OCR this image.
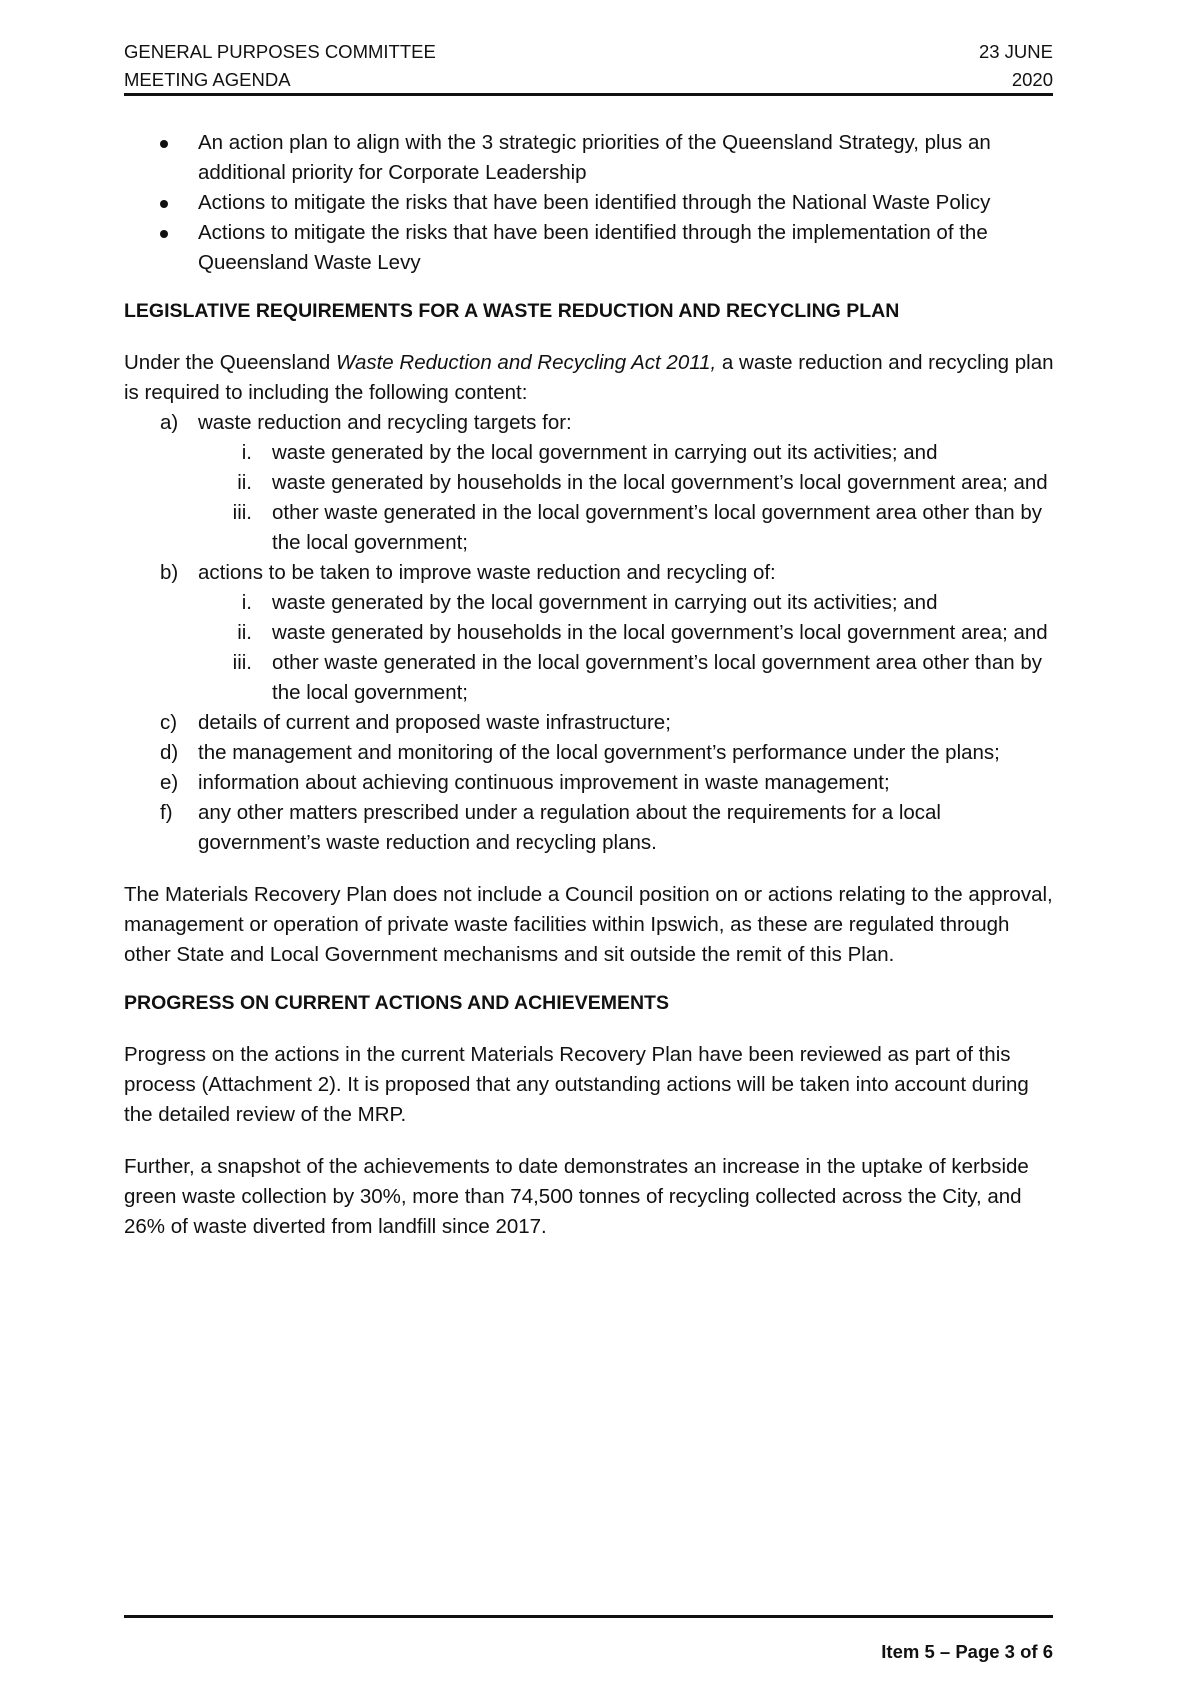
GENERAL PURPOSES COMMITTEE
MEETING AGENDA
23 JUNE
2020
An action plan to align with the 3 strategic priorities of the Queensland Strategy, plus an additional priority for Corporate Leadership
Actions to mitigate the risks that have been identified through the National Waste Policy
Actions to mitigate the risks that have been identified through the implementation of the Queensland Waste Levy
LEGISLATIVE REQUIREMENTS FOR A WASTE REDUCTION AND RECYCLING PLAN

Under the Queensland Waste Reduction and Recycling Act 2011, a waste reduction and recycling plan is required to including the following content:

a) waste reduction and recycling targets for:
i. waste generated by the local government in carrying out its activities; and
ii. waste generated by households in the local government’s local government area; and
iii. other waste generated in the local government’s local government area other than by the local government;
b) actions to be taken to improve waste reduction and recycling of:
i. waste generated by the local government in carrying out its activities; and
ii. waste generated by households in the local government’s local government area; and
iii. other waste generated in the local government’s local government area other than by the local government;
c)	details of current and proposed waste infrastructure;
d) the management and monitoring of the local government’s performance under the plans;
e) information about achieving continuous improvement in waste management;
f)	any other matters prescribed under a regulation about the requirements for a local government’s waste reduction and recycling plans.

The Materials Recovery Plan does not include a Council position on or actions relating to the approval, management or operation of private waste facilities within Ipswich, as these are regulated through other State and Local Government mechanisms and sit outside the remit of this Plan.

PROGRESS ON CURRENT ACTIONS AND ACHIEVEMENTS

Progress on the actions in the current Materials Recovery Plan have been reviewed as part of this process (Attachment 2). It is proposed that any outstanding actions will be taken into account during the detailed review of the MRP.

Further, a snapshot of the achievements to date demonstrates an increase in the uptake of kerbside green waste collection by 30%, more than 74,500 tonnes of recycling collected across the City, and 26% of waste diverted from landfill since 2017.

Item 5 – Page 3 of 6
